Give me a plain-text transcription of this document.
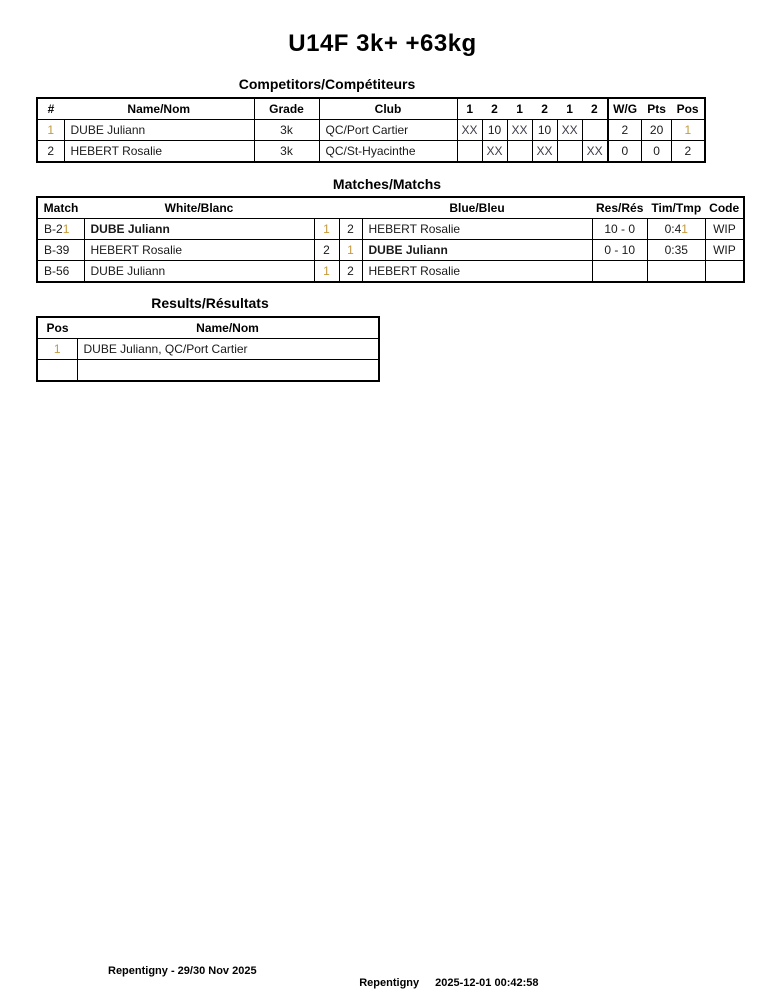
U14F 3k+ +63kg
Competitors/Compétiteurs
#	Name/Nom	Grade	Club	1	2	1	2	1	2	W/G	Pts	Pos
1	DUBE Juliann	3k	QC/Port Cartier	XX	10	XX	10	XX		2	20	1
2	HEBERT Rosalie	3k	QC/St-Hyacinthe		XX		XX		XX	0	0	2
Matches/Matchs
Match	White/Blanc			Blue/Bleu	Res/Rés	Tim/Tmp	Code
B-21	DUBE Juliann	1	2	HEBERT Rosalie	10 - 0	0:41	WIP
B-39	HEBERT Rosalie	2	1	DUBE Juliann	0 - 10	0:35	WIP
B-56	DUBE Juliann	1	2	HEBERT Rosalie			
Results/Résultats
Pos	Name/Nom
1	DUBE Juliann, QC/Port Cartier

Repentigny - 29/30 Nov 2025

Repentigny 2025-12-01 00:42:58
